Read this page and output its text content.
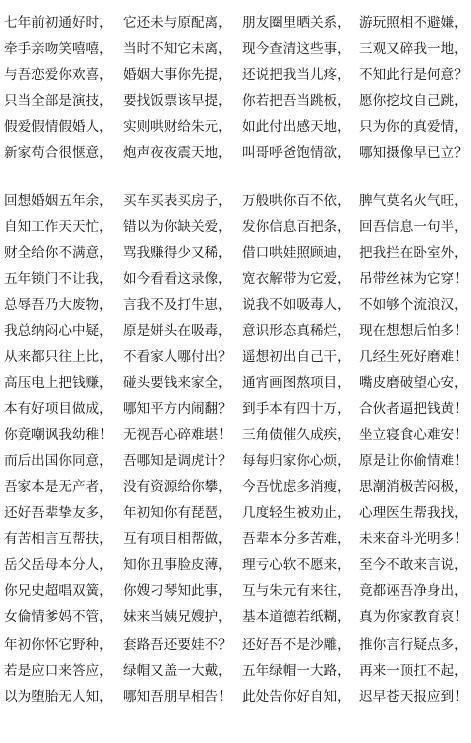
七年前初通好时， 它还未与原配离， 朋友圈里晒关系， 游玩照相不避嫌，
牵手亲吻笑嘻嘻， 当时不知它未离， 现今查清这些事， 三观又碎我一地，
与吾恋爱你欢喜， 婚姻大事你先提， 还说把我当儿疼， 不知此行是何意？
只当全部是演技， 要找饭票该早提， 你若把吾当跳板， 愿你挖坟自己跳，
假爱假情假婚人， 实则哄财给朱元， 如此付出感天地， 只为你的真爱情，
新家苟合很惬意， 炮声夜夜震天地， 叫哥呼爸饱情欲， 哪知摄像早已立？
回想婚姻五年余， 买车买表买房子， 万般哄你百不依， 脾气莫名火气旺，
自知工作天天忙， 错以为你缺关爱， 发你信息百把条， 回吾信息一句半，
财全给你不满意， 骂我赚得少又稀， 借口哄娃照顾迪， 把我拦在卧室外，
五年锁门不让我， 如今看看这录像， 宽衣解带为它爱， 吊带丝袜为它穿！
总辱吾乃大废物， 言我不及打牛崽， 说我不如吸毒人， 不如够个流浪汉，
我总纳闷心中疑， 原是姘头在吸毒， 意识形态真稀烂， 现在想想后怕多！
从来都只往上比， 不看家人哪付出？ 遥想初出自己干， 几经生死好磨难！
高压电上把钱赚， 碰头要钱来家全， 通宵画图熬项目， 嘴皮磨破望心安，
本有好项目做成， 哪知平方内闹翻？ 到手本有四十万， 合伙者逼把钱黄！
你竟嘲讽我幼稚！ 无视吾心碎难堪！ 三角债催久成疾， 坐立寝食心难安！
而后出国你同意， 吾哪知是调虎计？ 每每归家你心烦， 原是让你偷情难！
吾家本是无产者， 没有资源给你攀， 今吾忧虑多消瘦， 思潮消极苦闷极，
还好吾辈挚友多， 年初知你有琵琶， 几度轻生被劝止， 心理医生帮我找，
有苦相言互帮扶， 互有项目相帮做， 吾辈本分多苦难， 未来奋斗光明多！
岳父岳母本分人， 知你丑事脸皮薄， 理亏心软不愿来， 至今不敢来言说，
你兄史超唱双簧， 你嫂刁琴知此事， 互与朱元有来往， 竟都诬吾净身出，
女倫情爹妈不管， 妹来当姨兄嫂护， 基本道德若纸糊， 真为你家教育哀！
年初你怀它野种， 套路吾还要娃不？ 还好吾不是沙雕， 推你言行疑点多，
若是应口来答应， 绿帽又盖一大戴， 五年绿帽一大路， 再来一顶扛不起，
以为堕胎无人知， 哪知吾朋早相告！ 此处告你好自知， 迟早苍天报应到！
